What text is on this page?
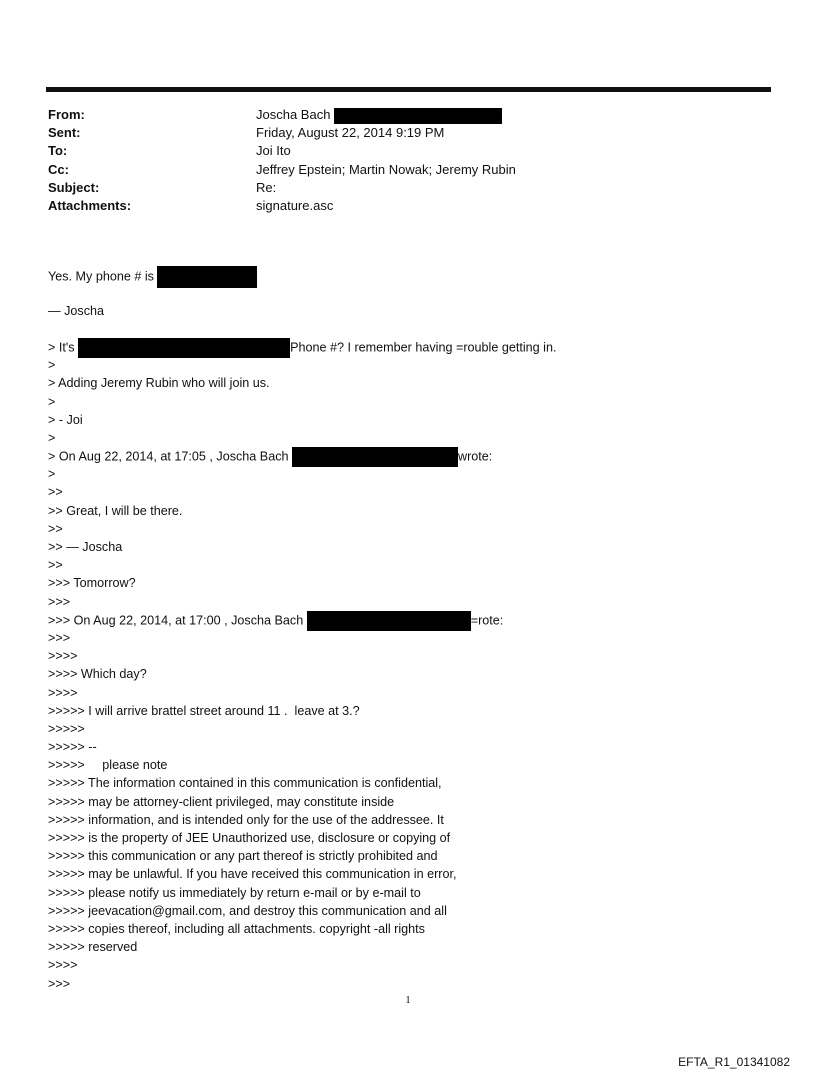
From:	Joscha Bach
Sent:	Friday, August 22, 2014 9:19 PM
To:	Joi Ito
Cc:	Jeffrey Epstein; Martin Nowak; Jeremy Rubin
Subject:	Re:
Attachments:	signature.asc
Yes. My phone # is
— Joscha
> It's	Phone #? I remember having =rouble getting in.
>
> Adding Jeremy Rubin who will join us.
>
> - Joi
>
> On Aug 22, 2014, at 17:05 , Joscha Bach	wrote:
>
>>
>> Great, I will be there.
>>
>> — Joscha
>>
>>> Tomorrow?
>>>
>>> On Aug 22, 2014, at 17:00 , Joscha Bach	=rote:
>>>
>>>>
>>>> Which day?
>>>>
>>>>> I will arrive brattel street around 11 .  leave at 3.?
>>>>>
>>>>> --
>>>>>     please note
>>>>> The information contained in this communication is confidential,
>>>>> may be attorney-client privileged, may constitute inside
>>>>> information, and is intended only for the use of the addressee. It
>>>>> is the property of JEE Unauthorized use, disclosure or copying of
>>>>> this communication or any part thereof is strictly prohibited and
>>>>> may be unlawful. If you have received this communication in error,
>>>>> please notify us immediately by return e-mail or by e-mail to
>>>>> jeevacation@gmail.com, and destroy this communication and all
>>>>> copies thereof, including all attachments. copyright -all rights
>>>>> reserved
>>>>
>>>
1
EFTA_R1_01341082
